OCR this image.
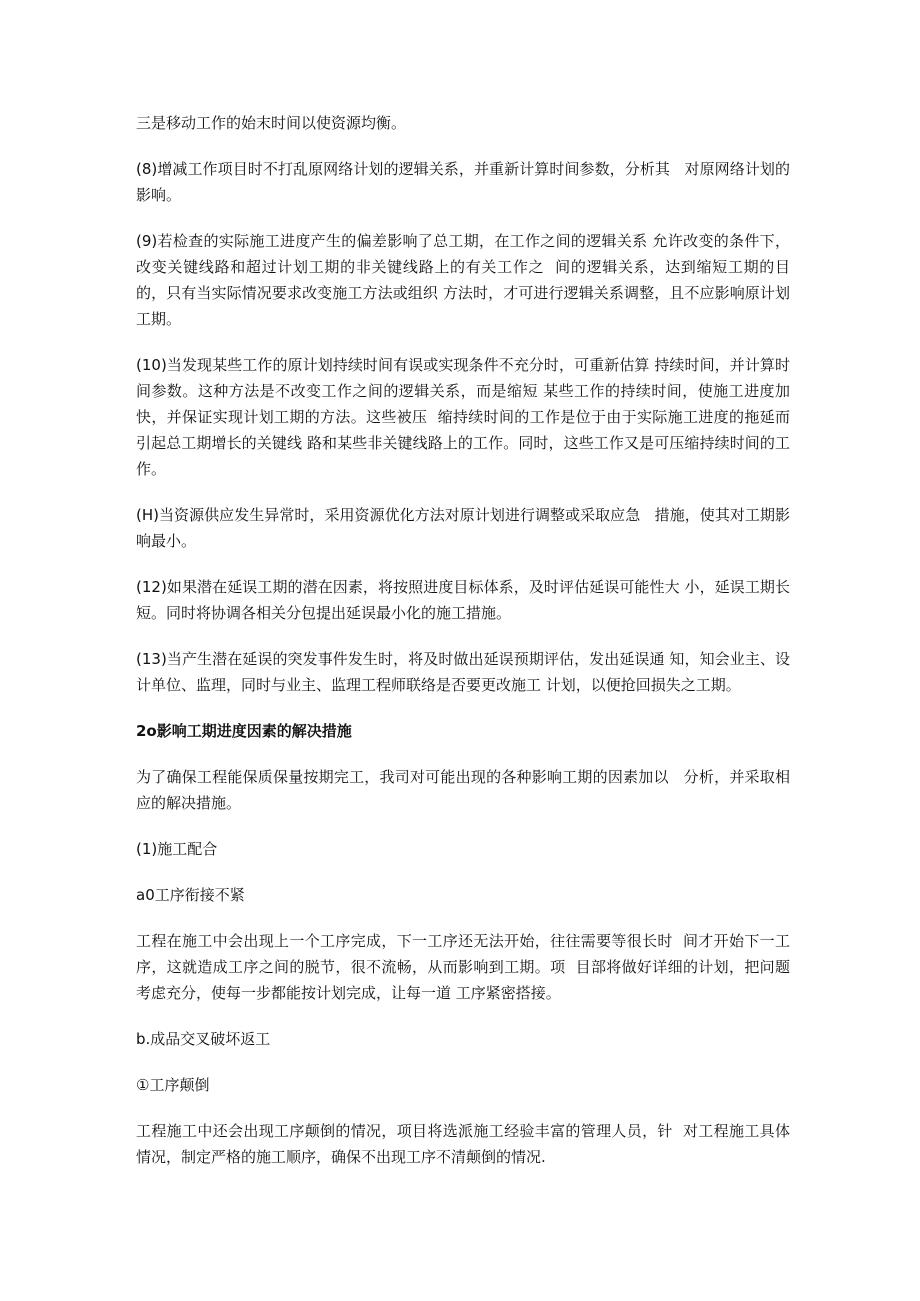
三是移动工作的始末时间以使资源均衡。

(8)增减工作项目时不打乱原网络计划的逻辑关系，并重新计算时间参数，分析其   对原网络计划的影响。

(9)若检查的实际施工进度产生的偏差影响了总工期，在工作之间的逻辑关系 允许改变的条件下，改变关键线路和超过计划工期的非关键线路上的有关工作之  间的逻辑关系，达到缩短工期的目的，只有当实际情况要求改变施工方法或组织 方法时，才可进行逻辑关系调整，且不应影响原计划工期。

(10)当发现某些工作的原计划持续时间有误或实现条件不充分时，可重新估算 持续时间，并计算时间参数。这种方法是不改变工作之间的逻辑关系，而是缩短 某些工作的持续时间，使施工进度加快，并保证实现计划工期的方法。这些被压  缩持续时间的工作是位于由于实际施工进度的拖延而引起总工期增长的关键线 路和某些非关键线路上的工作。同时，这些工作又是可压缩持续时间的工作。

(H)当资源供应发生异常时，采用资源优化方法对原计划进行调整或采取应急   措施，使其对工期影响最小。

(12)如果潜在延误工期的潜在因素，将按照进度目标体系，及时评估延误可能性大 小，延误工期长短。同时将协调各相关分包提出延误最小化的施工措施。

(13)当产生潜在延误的突发事件发生时，将及时做出延误预期评估，发出延误通 知，知会业主、设计单位、监理，同时与业主、监理工程师联络是否要更改施工 计划，以便抢回损失之工期。

2o影响工期进度因素的解决措施

为了确保工程能保质保量按期完工，我司对可能出现的各种影响工期的因素加以   分析，并采取相应的解决措施。

(1)施工配合

a0工序衔接不紧

工程在施工中会出现上一个工序完成，下一工序还无法开始，往往需要等很长时  间才开始下一工序，这就造成工序之间的脱节，很不流畅，从而影响到工期。项  目部将做好详细的计划，把问题考虑充分，使每一步都能按计划完成，让每一道 工序紧密搭接。

b.成品交叉破坏返工

①工序颠倒

工程施工中还会出现工序颠倒的情况，项目将选派施工经验丰富的管理人员，针  对工程施工具体情况，制定严格的施工顺序，确保不出现工序不清颠倒的情况.
